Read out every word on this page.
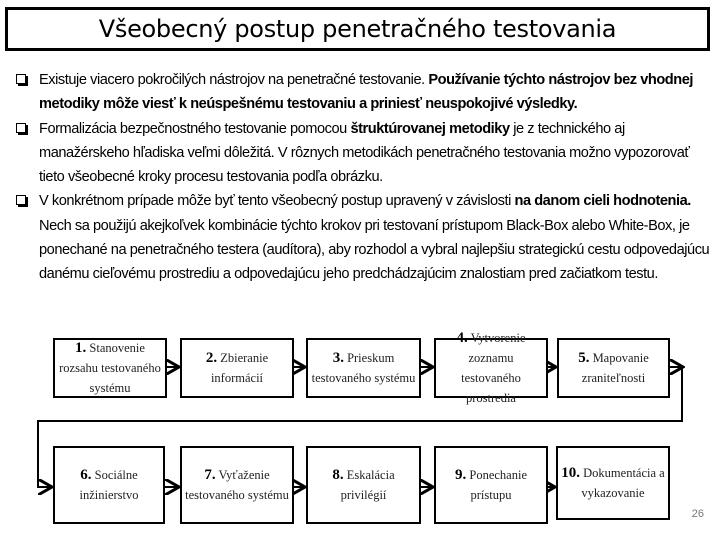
Všeobecný postup penetračného testovania
Existuje viacero pokročilých nástrojov na penetračné testovanie. Používanie týchto nástrojov bez vhodnej metodiky môže viesť k neúspešnému testovaniu a priniesť neuspokojivé výsledky.
Formalizácia bezpečnostného testovanie pomocou štruktúrovanej metodiky je z technického aj manažérskeho hľadiska veľmi dôležitá. V rôznych metodikách penetračného testovania možno vypozorovať tieto všeobecné kroky procesu testovania podľa obrázku.
V konkrétnom prípade môže byť tento všeobecný postup upravený v závislosti na danom cieli hodnotenia. Nech sa použijú akejkoľvek kombinácie týchto krokov pri testovaní prístupom Black-Box alebo White-Box, je ponechané na penetračného testera (audítora), aby rozhodol a vybral najlepšiu strategickú cestu odpovedajúcu danému cieľovému prostrediu a odpovedajúcu jeho predchádzajúcim znalostiam pred začiatkom testu.
1. Stanovenie rozsahu testovaného systému
2. Zbieranie informácií
3. Prieskum testovaného systému
4. Vytvorenie zoznamu testovaného prostredia
5. Mapovanie zraniteľnosti
6. Sociálne inžinierstvo
7. Vyťaženie testovaného systému
8. Eskalácia privilégií
9. Ponechanie prístupu
10. Dokumentácia a vykazovanie
26
